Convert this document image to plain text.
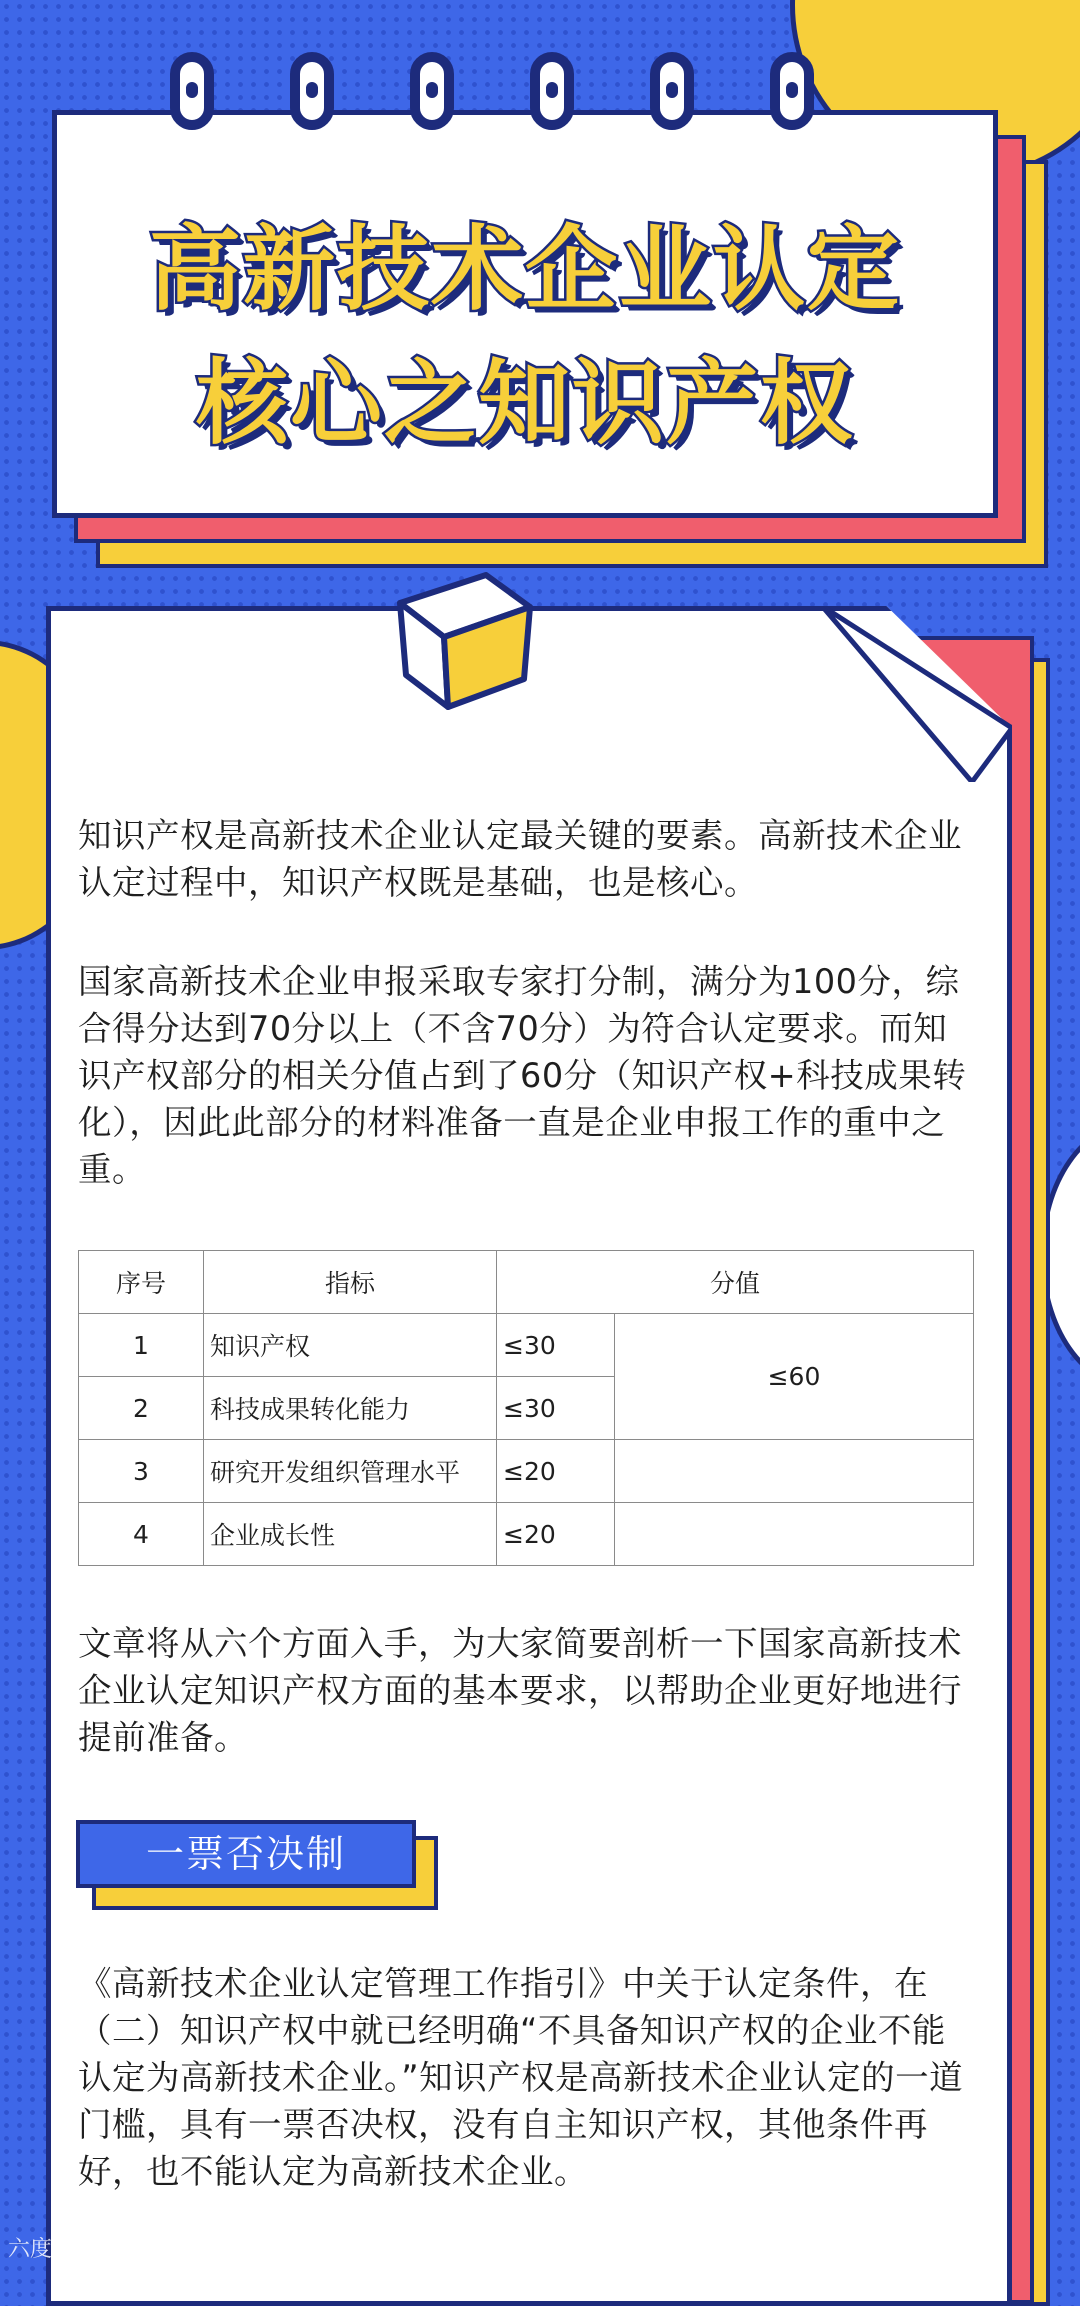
高新技术企业认定
核心之知识产权
知识产权是高新技术企业认定最关键的要素。高新技术企业认定过程中，知识产权既是基础，也是核心。
国家高新技术企业申报采取专家打分制，满分为100分，综合得分达到70分以上（不含70分）为符合认定要求。而知识产权部分的相关分值占到了60分（知识产权+科技成果转化），因此此部分的材料准备一直是企业申报工作的重中之重。
序号	指标	分值	
1	知识产权	≤30	≤60
2	科技成果转化能力	≤30	
3	研究开发组织管理水平	≤20	
4	企业成长性	≤20	
文章将从六个方面入手，为大家简要剖析一下国家高新技术企业认定知识产权方面的基本要求，以帮助企业更好地进行提前准备。
一票否决制
《高新技术企业认定管理工作指引》中关于认定条件，在（二）知识产权中就已经明确“不具备知识产权的企业不能认定为高新技术企业。”知识产权是高新技术企业认定的一道门槛，具有一票否决权，没有自主知识产权，其他条件再好，也不能认定为高新技术企业。
六度跨境
